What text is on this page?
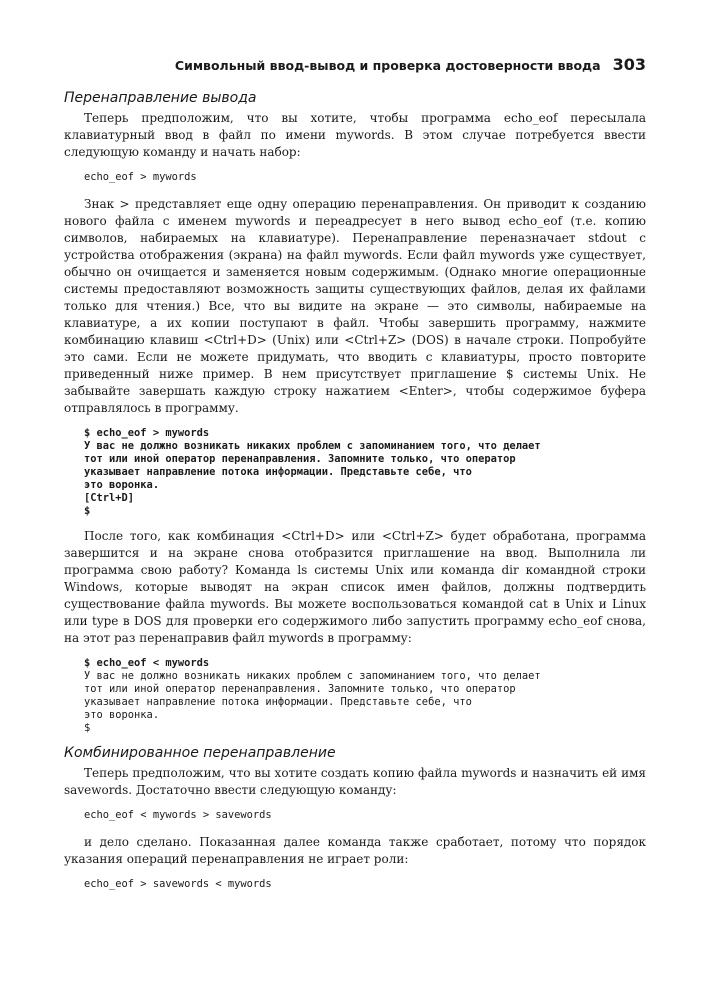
Символьный ввод-вывод и проверка достоверности ввода 303
Перенаправление вывода

Теперь предположим, что вы хотите, чтобы программа echo_eof пересылала клавиатурный ввод в файл по имени mywords. В этом случае потребуется ввести следующую команду и начать набор:

echo_eof > mywords

Знак > представляет еще одну операцию перенаправления. Он приводит к созданию нового файла с именем mywords и переадресует в него вывод echo_eof (т.е. копию символов, набираемых на клавиатуре). Перенаправление переназначает stdout с устройства отображения (экрана) на файл mywords. Если файл mywords уже существует, обычно он очищается и заменяется новым содержимым. (Однако многие операционные системы предоставляют возможность защиты существующих файлов, делая их файлами только для чтения.) Все, что вы видите на экране — это символы, набираемые на клавиатуре, а их копии поступают в файл. Чтобы завершить программу, нажмите комбинацию клавиш <Ctrl+D> (Unix) или <Ctrl+Z> (DOS) в начале строки. Попробуйте это сами. Если не можете придумать, что вводить с клавиатуры, просто повторите приведенный ниже пример. В нем присутствует приглашение $ системы Unix. Не забывайте завершать каждую строку нажатием <Enter>, чтобы содержимое буфера отправлялось в программу.

$ echo_eof > mywords
У вас не должно возникать никаких проблем с запоминанием того, что делает
тот или иной оператор перенаправления. Запомните только, что оператор
указывает направление потока информации. Представьте себе, что
это воронка.
[Ctrl+D]
$

После того, как комбинация <Ctrl+D> или <Ctrl+Z> будет обработана, программа завершится и на экране снова отобразится приглашение на ввод. Выполнила ли программа свою работу? Команда ls системы Unix или команда dir командной строки Windows, которые выводят на экран список имен файлов, должны подтвердить существование файла mywords. Вы можете воспользоваться командой cat в Unix и Linux или type в DOS для проверки его содержимого либо запустить программу echo_eof снова, на этот раз перенаправив файл mywords в программу:

$ echo_eof < mywords
У вас не должно возникать никаких проблем с запоминанием того, что делает
тот или иной оператор перенаправления. Запомните только, что оператор
указывает направление потока информации. Представьте себе, что
это воронка.
$
Комбинированное перенаправление

Теперь предположим, что вы хотите создать копию файла mywords и назначить ей имя savewords. Достаточно ввести следующую команду:

echo_eof < mywords > savewords

и дело сделано. Показанная далее команда также сработает, потому что порядок указания операций перенаправления не играет роли:

echo_eof > savewords < mywords
